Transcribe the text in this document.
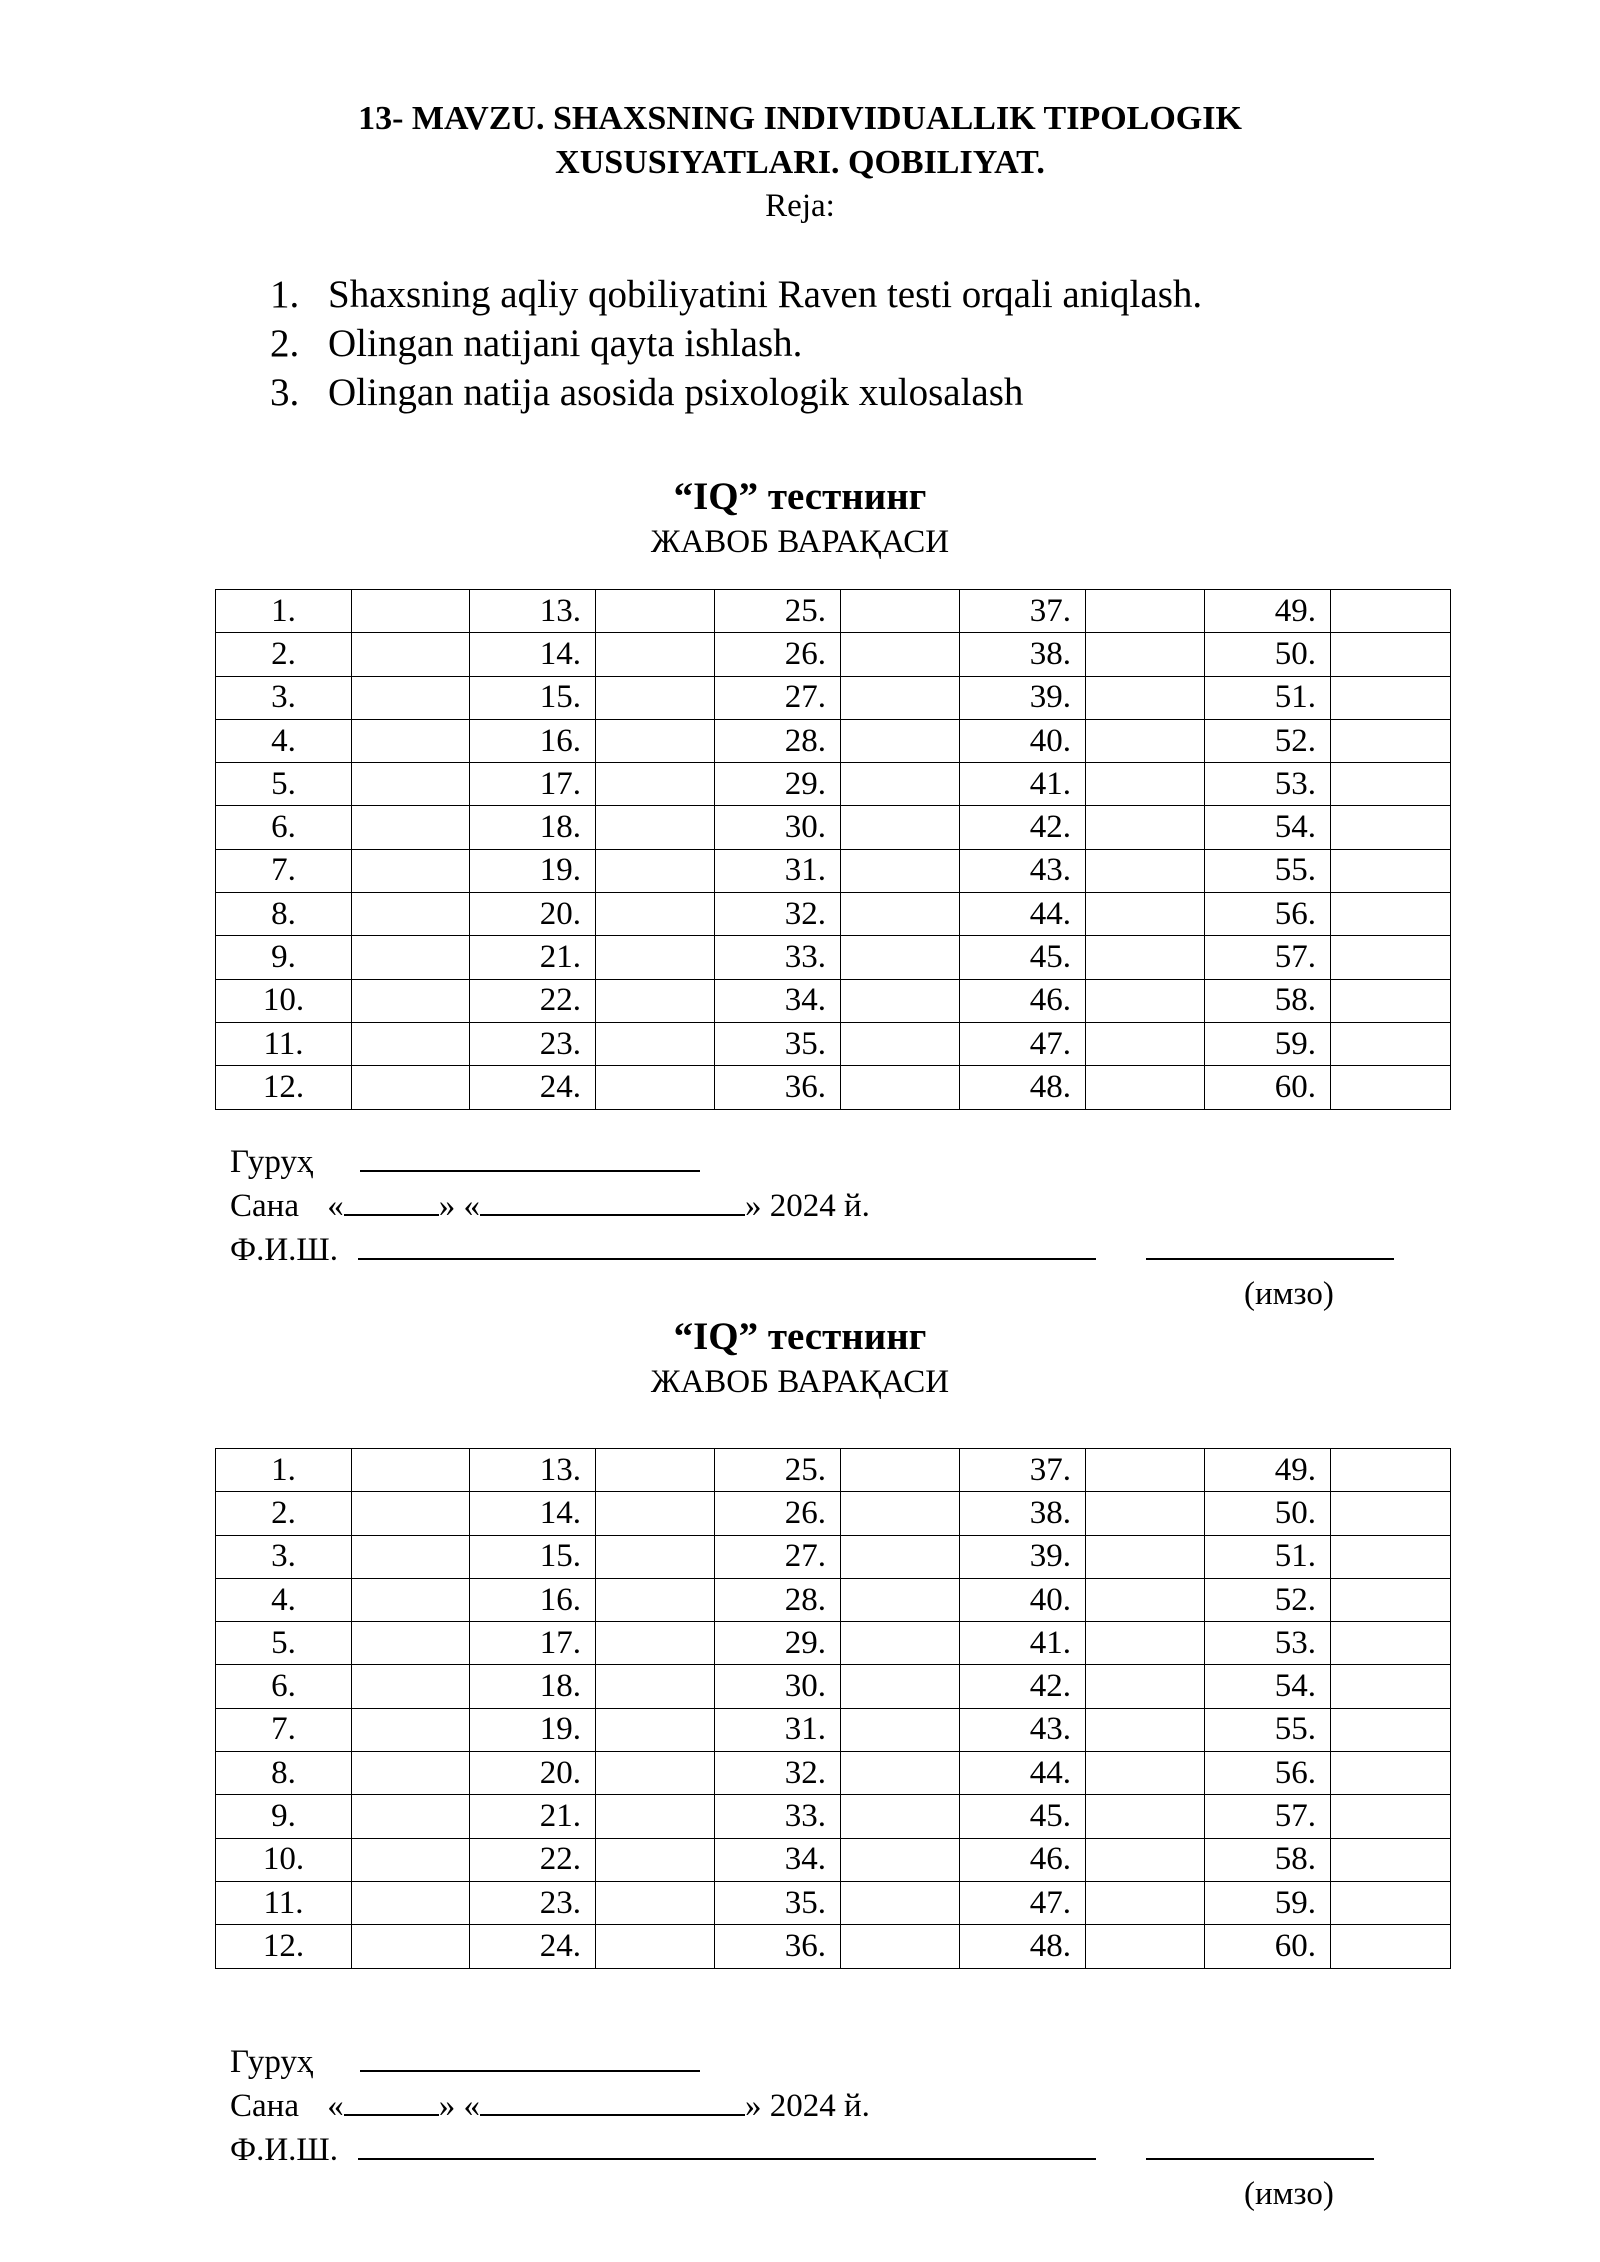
13- MAVZU. SHAXSNING INDIVIDUALLIK TIPOLOGIK
XUSUSIYATLARI. QOBILIYAT.
Reja:
1. Shaxsning aqliy qobiliyatini Raven testi orqali aniqlash.
2. Olingan natijani qayta ishlash.
3. Olingan natija asosida psixologik xulosalash
“IQ” тестнинг
ЖАВОБ ВАРАҚАСИ
1.		13.		25.		37.		49.	
2.		14.		26.		38.		50.	
3.		15.		27.		39.		51.	
4.		16.		28.		40.		52.	
5.		17.		29.		41.		53.	
6.		18.		30.		42.		54.	
7.		19.		31.		43.		55.	
8.		20.		32.		44.		56.	
9.		21.		33.		45.		57.	
10.		22.		34.		46.		58.	
11.		23.		35.		47.		59.	
12.		24.		36.		48.		60.	
Гуруҳ
Сана «	» «	» 2024 й.
Ф.И.Ш.
(имзо)
“IQ” тестнинг
ЖАВОБ ВАРАҚАСИ
1.		13.		25.		37.		49.	
2.		14.		26.		38.		50.	
3.		15.		27.		39.		51.	
4.		16.		28.		40.		52.	
5.		17.		29.		41.		53.	
6.		18.		30.		42.		54.	
7.		19.		31.		43.		55.	
8.		20.		32.		44.		56.	
9.		21.		33.		45.		57.	
10.		22.		34.		46.		58.	
11.		23.		35.		47.		59.	
12.		24.		36.		48.		60.	
Гуруҳ
Сана «	» «	» 2024 й.
Ф.И.Ш.
(имзо)
